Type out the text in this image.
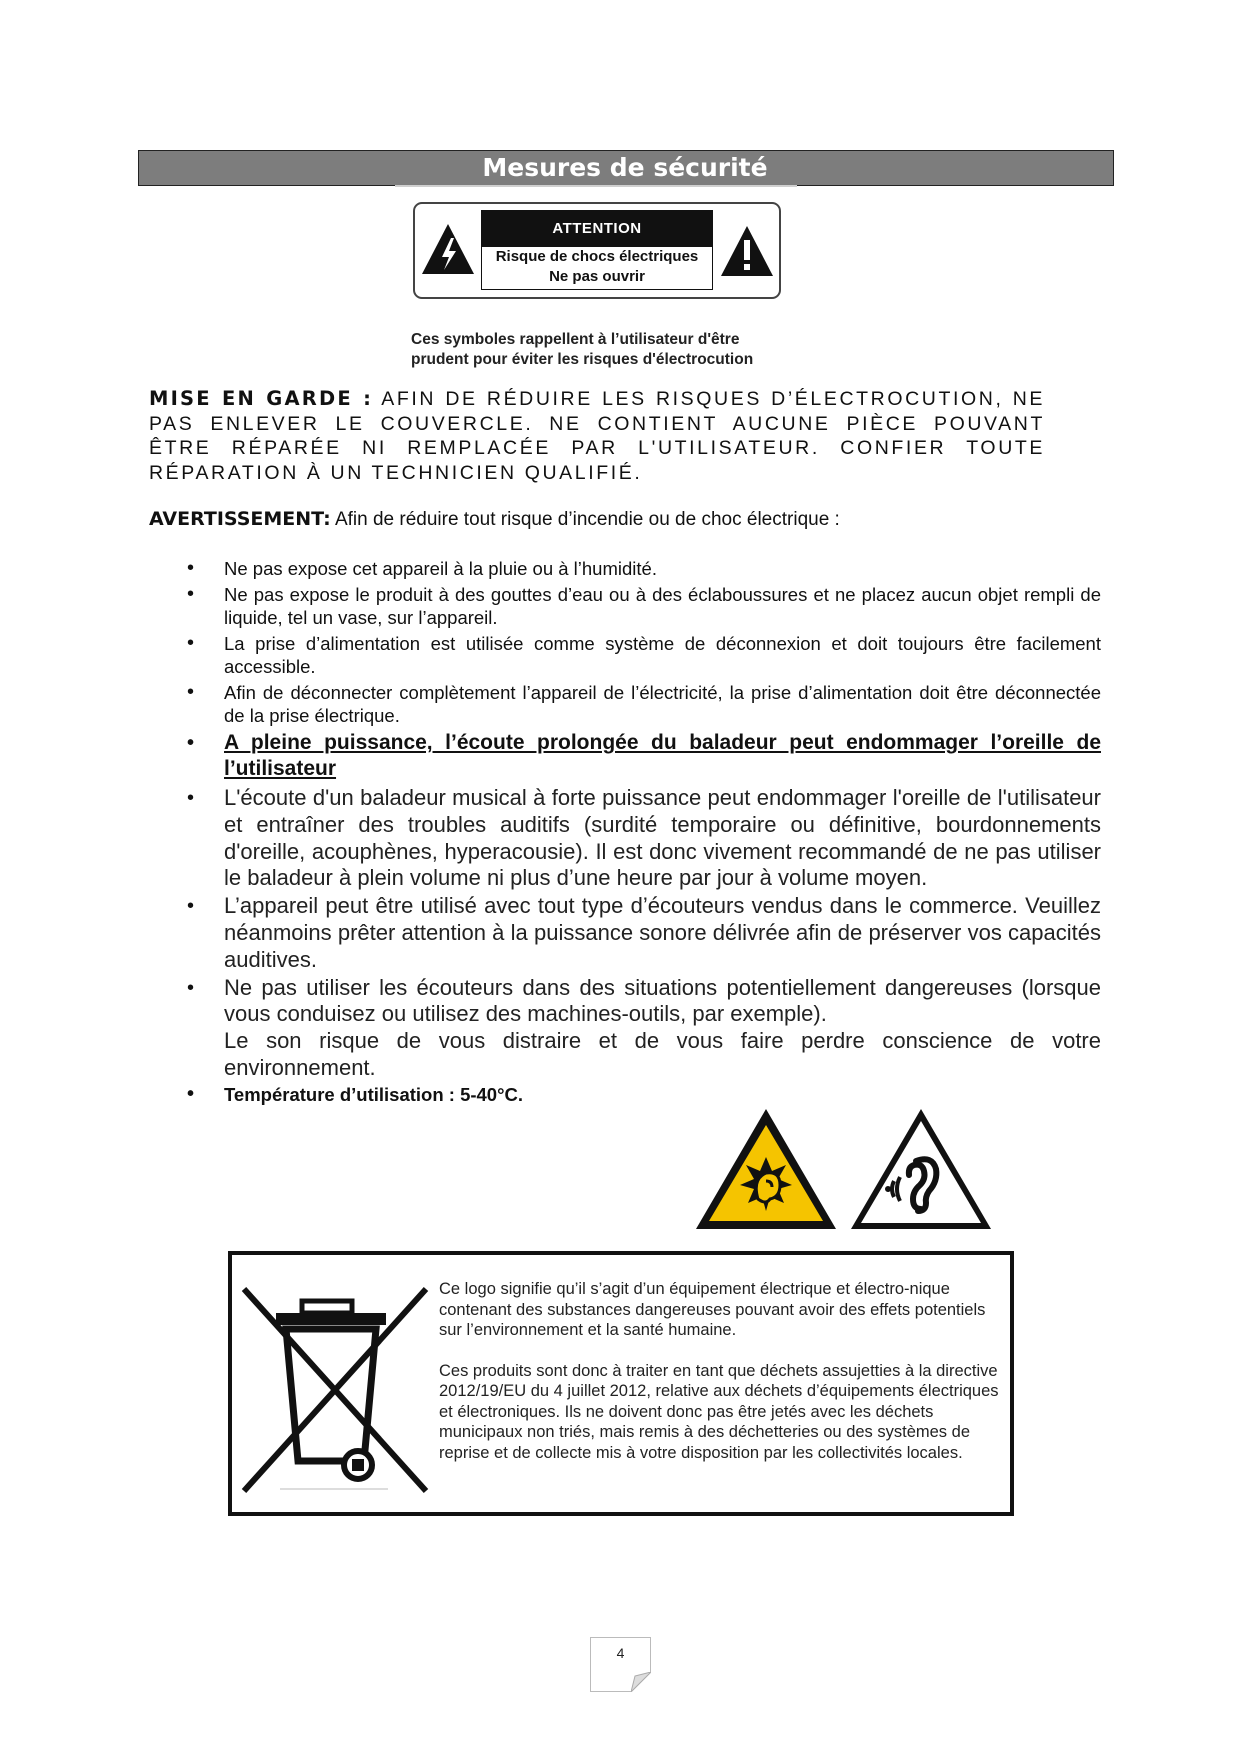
Mesures de sécurité
ATTENTION
Risque de chocs électriques
Ne pas ouvrir
Ces symboles rappellent à l’utilisateur d'être
prudent pour éviter les risques d'électrocution
MISE EN GARDE : AFIN DE RÉDUIRE LES RISQUES D’ÉLECTROCUTION, NE PAS ENLEVER LE COUVERCLE. NE CONTIENT AUCUNE PIÈCE POUVANT ÊTRE RÉPARÉE NI REMPLACÉE PAR L'UTILISATEUR. CONFIER TOUTE RÉPARATION À UN TECHNICIEN QUALIFIÉ.
AVERTISSEMENT: Afin de réduire tout risque d’incendie ou de choc électrique :
• Ne pas expose cet appareil à la pluie ou à l’humidité.
• Ne pas expose le produit à des gouttes d’eau ou à des éclaboussures et ne placez aucun objet rempli de liquide, tel un vase, sur l’appareil.
• La prise d’alimentation est utilisée comme système de déconnexion et doit toujours être facilement accessible.
• Afin de déconnecter complètement l’appareil de l’électricité, la prise d’alimentation doit être déconnectée de la prise électrique.
• A pleine puissance, l’écoute prolongée du baladeur peut endommager l’oreille de l’utilisateur
• L'écoute d'un baladeur musical à forte puissance peut endommager l'oreille de l'utilisateur et entraîner des troubles auditifs (surdité temporaire ou définitive, bourdonnements d'oreille, acouphènes, hyperacousie). Il est donc vivement recommandé de ne pas utiliser le baladeur à plein volume ni plus d’une heure par jour à volume moyen.
• L’appareil peut être utilisé avec tout type d’écouteurs vendus dans le commerce. Veuillez néanmoins prêter attention à la puissance sonore délivrée afin de préserver vos capacités auditives.
• Ne pas utiliser les écouteurs dans des situations potentiellement dangereuses (lorsque vous conduisez ou utilisez des machines-outils, par exemple).
Le son risque de vous distraire et de vous faire perdre conscience de votre environnement.
• Température d’utilisation : 5-40°C.

Ce logo signifie qu’il s’agit d’un équipement électrique et électro-nique contenant des substances dangereuses pouvant avoir des effets potentiels sur l’environnement et la santé humaine.

Ces produits sont donc à traiter en tant que déchets assujetties à la directive 2012/19/EU du 4 juillet 2012, relative aux déchets d’équipements électriques et électroniques. Ils ne doivent donc pas être jetés avec les déchets municipaux non triés, mais remis à des déchetteries ou des systèmes de reprise et de collecte mis à votre disposition par les collectivités locales.

4
